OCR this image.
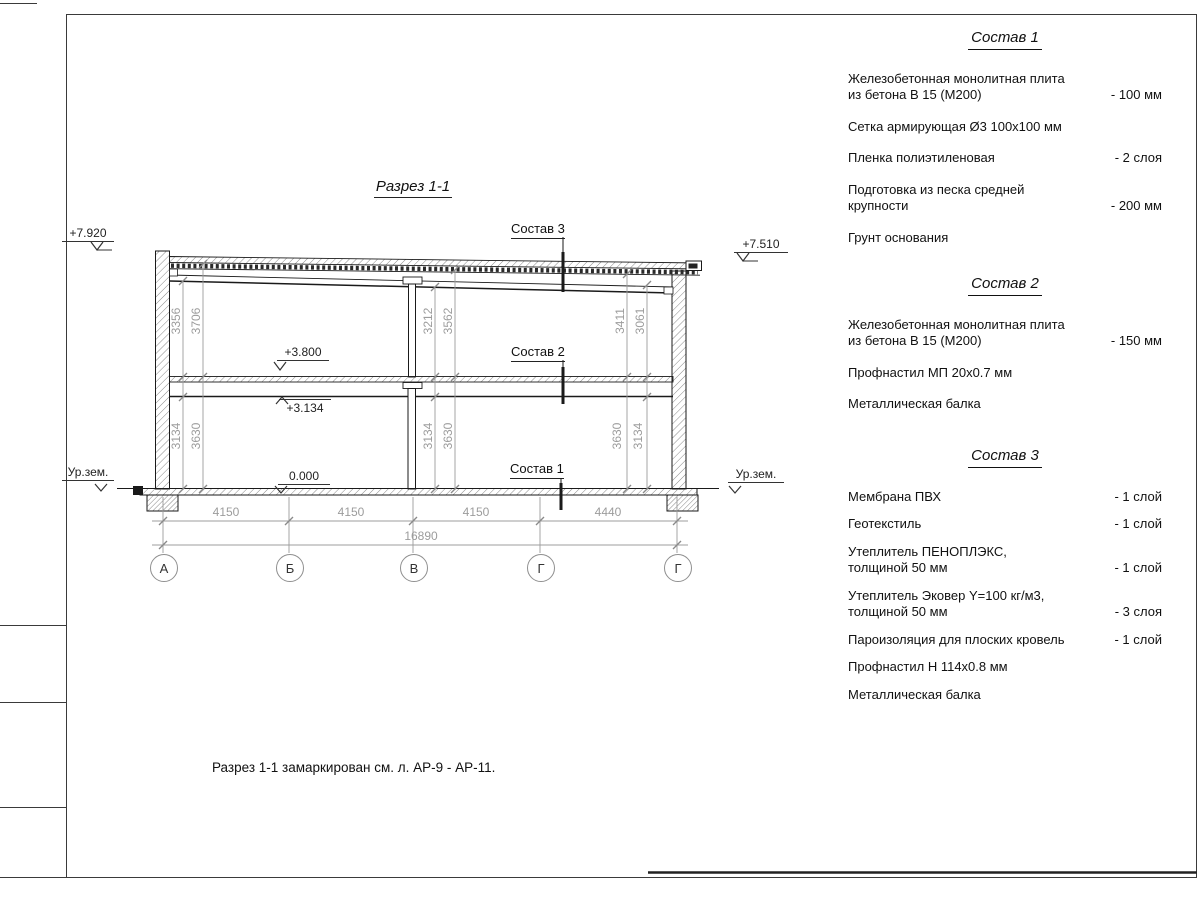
Разрез 1-1
+7.920
+7.510
+3.800
+3.134
0.000
Ур.зем.	Ур.зем.
Состав 3
Состав 2
Состав 1
3356 3706
3134 3630
3212 3562
3134 3630
3411 3061
3630 3134
4150	4150	4150	4440
16890
А	Б	В	Г	Г
Разрез 1-1 замаркирован см. л. АР-9 - АР-11.
Состав 1
Железобетонная монолитная плита
из бетона В 15 (М200)	- 100 мм
Сетка армирующая Ø3 100х100 мм
Пленка полиэтиленовая	- 2 слоя
Подготовка из песка средней
крупности	- 200 мм
Грунт основания
Состав 2
Железобетонная монолитная плита
из бетона В 15 (М200)	- 150 мм
Профнастил МП 20х0.7 мм
Металлическая балка
Состав 3
Мембрана ПВХ	- 1 слой
Геотекстиль	- 1 слой
Утеплитель ПЕНОПЛЭКС,
толщиной 50 мм	- 1 слой
Утеплитель Эковер Y=100 кг/м3,
толщиной 50 мм	- 3 слоя
Пароизоляция для плоских кровель	- 1 слой
Профнастил Н 114х0.8 мм
Металлическая балка
